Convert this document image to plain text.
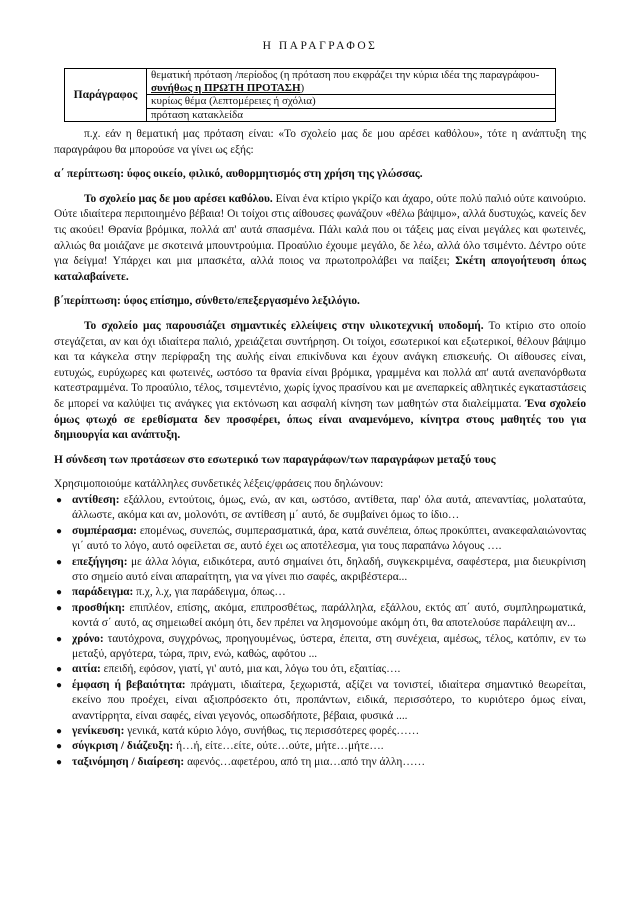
Η ΠΑΡΑΓΡΑΦΟΣ
Παράγραφος	θεματική πρόταση /περίοδος (η πρόταση που εκφράζει την κύρια ιδέα της παραγράφου-συνήθως η ΠΡΩΤΗ ΠΡΟΤΑΣΗ)
κυρίως θέμα (λεπτομέρειες ή σχόλια)
πρόταση κατακλείδα

π.χ. εάν η θεματική μας πρόταση είναι: «Το σχολείο μας δε μου αρέσει καθόλου», τότε η ανάπτυξη της παραγράφου θα μπορούσε να γίνει ως εξής:

α΄ περίπτωση: ύφος οικείο, φιλικό, αυθορμητισμός στη χρήση της γλώσσας.

Το σχολείο μας δε μου αρέσει καθόλου. Είναι ένα κτίριο γκρίζο και άχαρο, ούτε πολύ παλιό ούτε καινούριο. Ούτε ιδιαίτερα περιποιημένο βέβαια! Οι τοίχοι στις αίθουσες φωνάζουν «θέλω βάψιμο», αλλά δυστυχώς, κανείς δεν τις ακούει! Θρανία βρόμικα, πολλά απ' αυτά σπασμένα. Πάλι καλά που οι τάξεις μας είναι μεγάλες και φωτεινές, αλλιώς θα μοιάζανε με σκοτεινά μπουντρούμια. Προαύλιο έχουμε μεγάλο, δε λέω, αλλά όλο τσιμέντο. Δέντρο ούτε για δείγμα! Υπάρχει και μια μπασκέτα, αλλά ποιος να πρωτοπρολάβει να παίξει; Σκέτη απογοήτευση όπως καταλαβαίνετε.

β΄περίπτωση: ύφος επίσημο, σύνθετο/επεξεργασμένο λεξιλόγιο.

Το σχολείο μας παρουσιάζει σημαντικές ελλείψεις στην υλικοτεχνική υποδομή. Το κτίριο στο οποίο στεγάζεται, αν και όχι ιδιαίτερα παλιό, χρειάζεται συντήρηση. Οι τοίχοι, εσωτερικοί και εξωτερικοί, θέλουν βάψιμο και τα κάγκελα στην περίφραξη της αυλής είναι επικίνδυνα και έχουν ανάγκη επισκευής. Οι αίθουσες είναι, ευτυχώς, ευρύχωρες και φωτεινές, ωστόσο τα θρανία είναι βρόμικα, γραμμένα και πολλά απ' αυτά ανεπανόρθωτα κατεστραμμένα. Το προαύλιο, τέλος, τσιμεντένιο, χωρίς ίχνος πρασίνου και με ανεπαρκείς αθλητικές εγκαταστάσεις δε μπορεί να καλύψει τις ανάγκες για εκτόνωση και ασφαλή κίνηση των μαθητών στα διαλείμματα. Ένα σχολείο όμως φτωχό σε ερεθίσματα δεν προσφέρει, όπως είναι αναμενόμενο, κίνητρα στους μαθητές του για δημιουργία και ανάπτυξη.

Η σύνδεση των προτάσεων στο εσωτερικό των παραγράφων/των παραγράφων μεταξύ τους

Χρησιμοποιούμε κατάλληλες συνδετικές λέξεις/φράσεις που δηλώνουν:

● αντίθεση: εξάλλου, εντούτοις, όμως, ενώ, αν και, ωστόσο, αντίθετα, παρ' όλα αυτά, απεναντίας, μολαταύτα, άλλωστε, ακόμα και αν, μολονότι, σε αντίθεση μ΄ αυτό, δε συμβαίνει όμως το ίδιο…
● συμπέρασμα: επομένως, συνεπώς, συμπερασματικά, άρα, κατά συνέπεια, όπως προκύπτει, ανακεφαλαιώνοντας γι΄ αυτό το λόγο, αυτό οφείλεται σε, αυτό έχει ως αποτέλεσμα, για τους παραπάνω λόγους ….
● επεξήγηση: με άλλα λόγια, ειδικότερα, αυτό σημαίνει ότι, δηλαδή, συγκεκριμένα, σαφέστερα, μια διευκρίνιση στο σημείο αυτό είναι απαραίτητη, για να γίνει πιο σαφές, ακριβέστερα...
● παράδειγμα: π.χ, λ.χ, για παράδειγμα, όπως…
● προσθήκη: επιπλέον, επίσης, ακόμα, επιπροσθέτως, παράλληλα, εξάλλου, εκτός απ΄ αυτό, συμπληρωματικά, κοντά σ΄ αυτό, ας σημειωθεί ακόμη ότι, δεν πρέπει να λησμονούμε ακόμη ότι, θα αποτελούσε παράλειψη αν...
● χρόνο: ταυτόχρονα, συγχρόνως, προηγουμένως, ύστερα, έπειτα, στη συνέχεια, αμέσως, τέλος, κατόπιν, εν τω μεταξύ, αργότερα, τώρα, πριν, ενώ, καθώς, αφότου ...
● αιτία: επειδή, εφόσον, γιατί, γι' αυτό, μια και, λόγω του ότι, εξαιτίας….
● έμφαση ή βεβαιότητα: πράγματι, ιδιαίτερα, ξεχωριστά, αξίζει να τονιστεί, ιδιαίτερα σημαντικό θεωρείται, εκείνο που προέχει, είναι αξιοπρόσεκτο ότι, προπάντων, ειδικά, περισσότερο, το κυριότερο όμως είναι, αναντίρρητα, είναι σαφές, είναι γεγονός, οπωσδήποτε, βέβαια, φυσικά ....
● γενίκευση: γενικά, κατά κύριο λόγο, συνήθως, τις περισσότερες φορές……
● σύγκριση / διάζευξη: ή…ή, είτε…είτε, ούτε…ούτε, μήτε…μήτε….
● ταξινόμηση / διαίρεση: αφενός…αφετέρου, από τη μια…από την άλλη……
